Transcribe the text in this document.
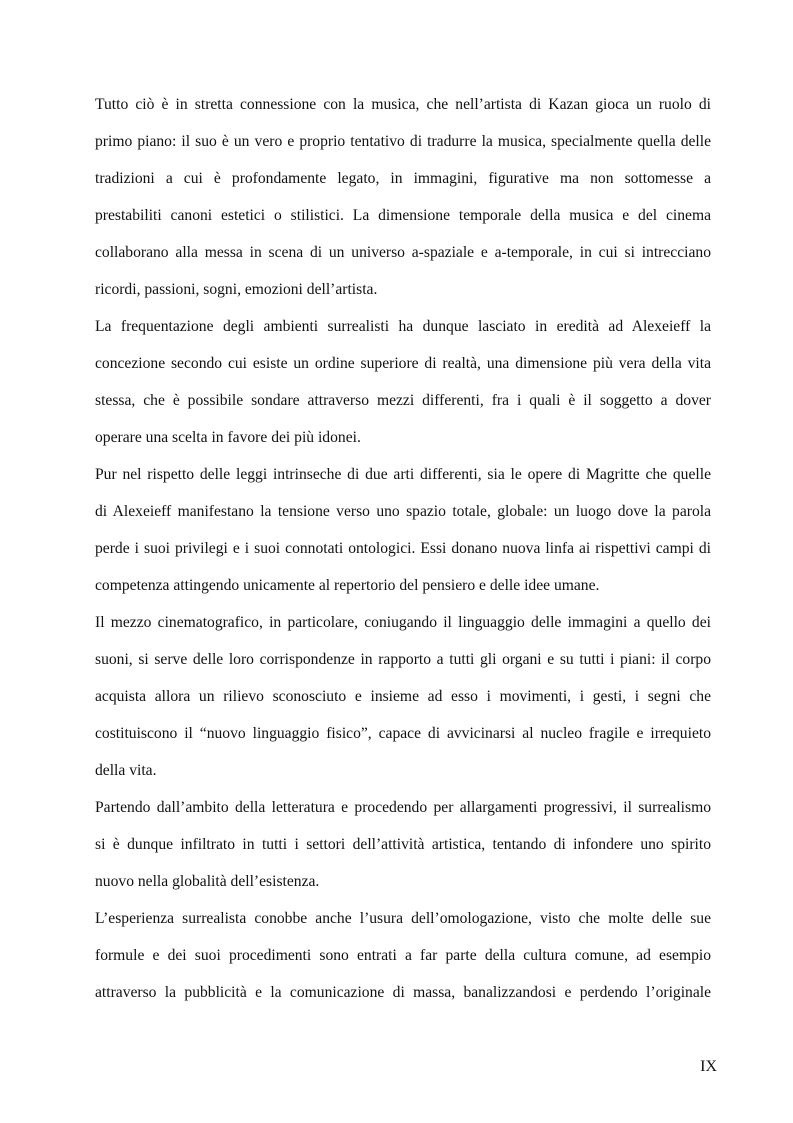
Tutto ciò è in stretta connessione con la musica, che nell’artista di Kazan gioca un ruolo di
primo piano: il suo è un vero e proprio tentativo di tradurre la musica, specialmente quella delle
tradizioni a cui è profondamente legato, in immagini, figurative ma non sottomesse a
prestabiliti canoni estetici o stilistici. La dimensione temporale della musica e del cinema
collaborano alla messa in scena di un universo a-spaziale e a-temporale, in cui si intrecciano
ricordi, passioni, sogni, emozioni dell’artista.
La frequentazione degli ambienti surrealisti ha dunque lasciato in eredità ad Alexeieff la
concezione secondo cui esiste un ordine superiore di realtà, una dimensione più vera della vita
stessa, che è possibile sondare attraverso mezzi differenti, fra i quali è il soggetto a dover
operare una scelta in favore dei più idonei.
Pur nel rispetto delle leggi intrinseche di due arti differenti, sia le opere di Magritte che quelle
di Alexeieff manifestano la tensione verso uno spazio totale, globale: un luogo dove la parola
perde i suoi privilegi e i suoi connotati ontologici. Essi donano nuova linfa ai rispettivi campi di
competenza attingendo unicamente al repertorio del pensiero e delle idee umane.
Il mezzo cinematografico, in particolare, coniugando il linguaggio delle immagini a quello dei
suoni, si serve delle loro corrispondenze in rapporto a tutti gli organi e su tutti i piani: il corpo
acquista allora un rilievo sconosciuto e insieme ad esso i movimenti, i gesti, i segni che
costituiscono il “nuovo linguaggio fisico”, capace di avvicinarsi al nucleo fragile e irrequieto
della vita.
Partendo dall’ambito della letteratura e procedendo per allargamenti progressivi, il surrealismo
si è dunque infiltrato in tutti i settori dell’attività artistica, tentando di infondere uno spirito
nuovo nella globalità dell’esistenza.
L’esperienza surrealista conobbe anche l’usura dell’omologazione, visto che molte delle sue
formule e dei suoi procedimenti sono entrati a far parte della cultura comune, ad esempio
attraverso la pubblicità e la comunicazione di massa, banalizzandosi e perdendo l’originale
IX
